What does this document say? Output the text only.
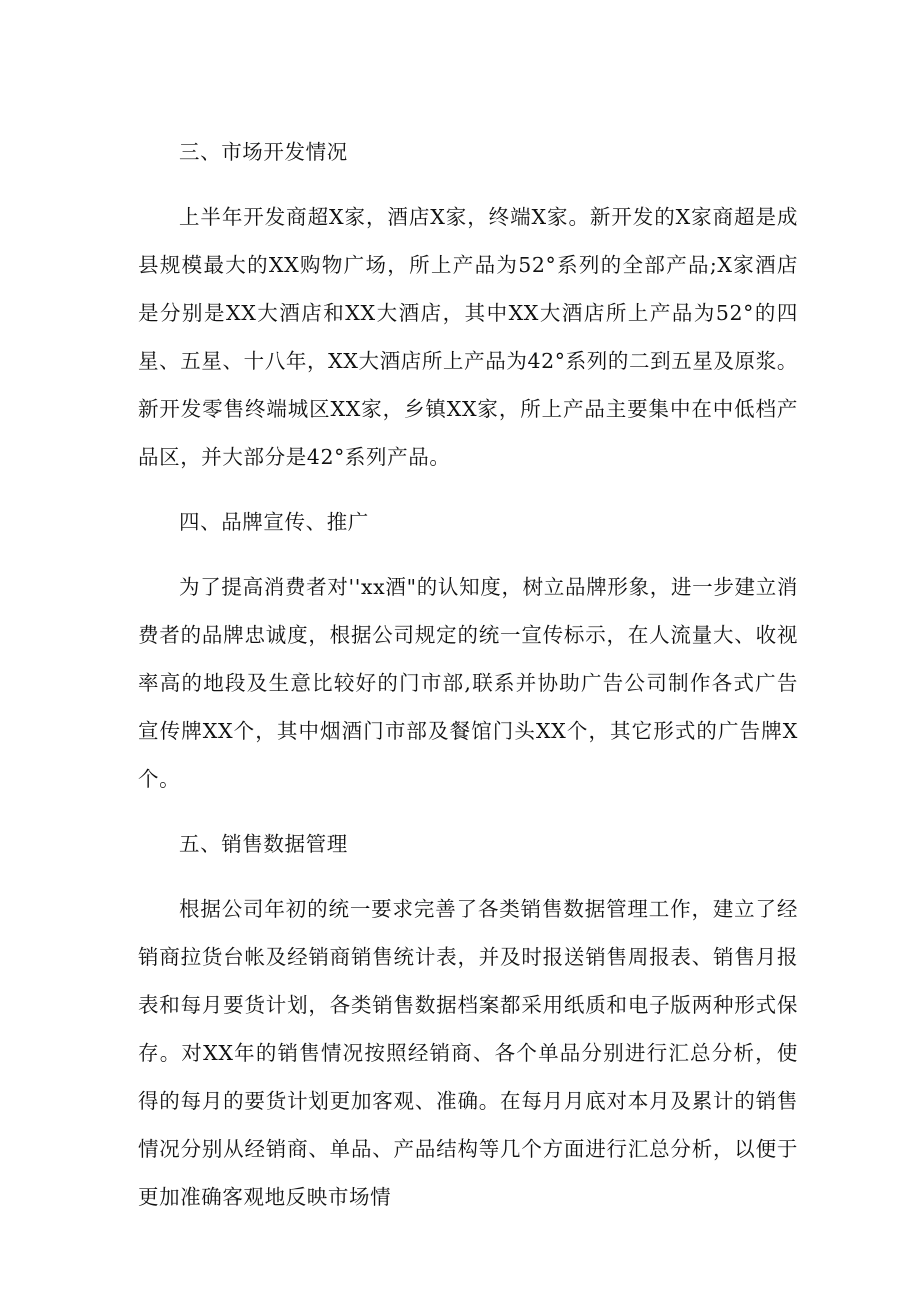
三、市场开发情况

上半年开发商超X家，酒店X家，终端X家。新开发的X家商超是成县规模最大的XX购物广场，所上产品为52°系列的全部产品;X家酒店是分别是XX大酒店和XX大酒店，其中XX大酒店所上产品为52°的四星、五星、十八年，XX大酒店所上产品为42°系列的二到五星及原浆。新开发零售终端城区XX家，乡镇XX家，所上产品主要集中在中低档产品区，并大部分是42°系列产品。

四、品牌宣传、推广

为了提高消费者对''xx酒"的认知度，树立品牌形象，进一步建立消费者的品牌忠诚度，根据公司规定的统一宣传标示，在人流量大、收视率高的地段及生意比较好的门市部,联系并协助广告公司制作各式广告宣传牌XX个，其中烟酒门市部及餐馆门头XX个，其它形式的广告牌X个。

五、销售数据管理

根据公司年初的统一要求完善了各类销售数据管理工作，建立了经销商拉货台帐及经销商销售统计表，并及时报送销售周报表、销售月报表和每月要货计划，各类销售数据档案都采用纸质和电子版两种形式保存。对XX年的销售情况按照经销商、各个单品分别进行汇总分析，使得的每月的要货计划更加客观、准确。在每月月底对本月及累计的销售情况分别从经销商、单品、产品结构等几个方面进行汇总分析，以便于更加准确客观地反映市场情
